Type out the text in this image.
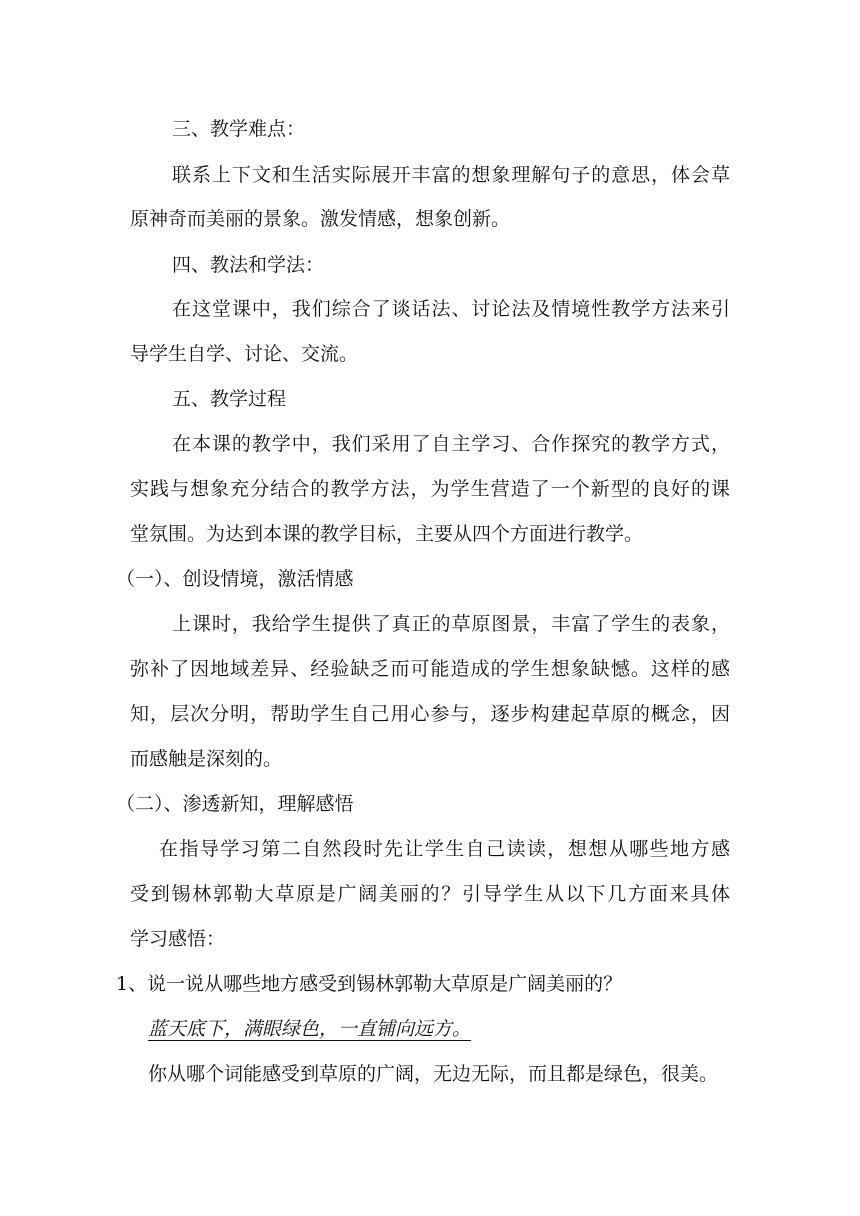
三、教学难点：
联系上下文和生活实际展开丰富的想象理解句子的意思，体会草
原神奇而美丽的景象。激发情感，想象创新。
四、教法和学法：
在这堂课中，我们综合了谈话法、讨论法及情境性教学方法来引
导学生自学、讨论、交流。
五、教学过程
在本课的教学中，我们采用了自主学习、合作探究的教学方式，
实践与想象充分结合的教学方法，为学生营造了一个新型的良好的课
堂氛围。为达到本课的教学目标，主要从四个方面进行教学。
（一）、创设情境，激活情感
上课时，我给学生提供了真正的草原图景，丰富了学生的表象，
弥补了因地域差异、经验缺乏而可能造成的学生想象缺憾。这样的感
知，层次分明，帮助学生自己用心参与，逐步构建起草原的概念，因
而感触是深刻的。
（二）、渗透新知，理解感悟
在指导学习第二自然段时先让学生自己读读，想想从哪些地方感
受到锡林郭勒大草原是广阔美丽的？引导学生从以下几方面来具体
学习感悟：
1、说一说从哪些地方感受到锡林郭勒大草原是广阔美丽的？
蓝天底下，满眼绿色，一直铺向远方。
你从哪个词能感受到草原的广阔，无边无际，而且都是绿色，很美。
